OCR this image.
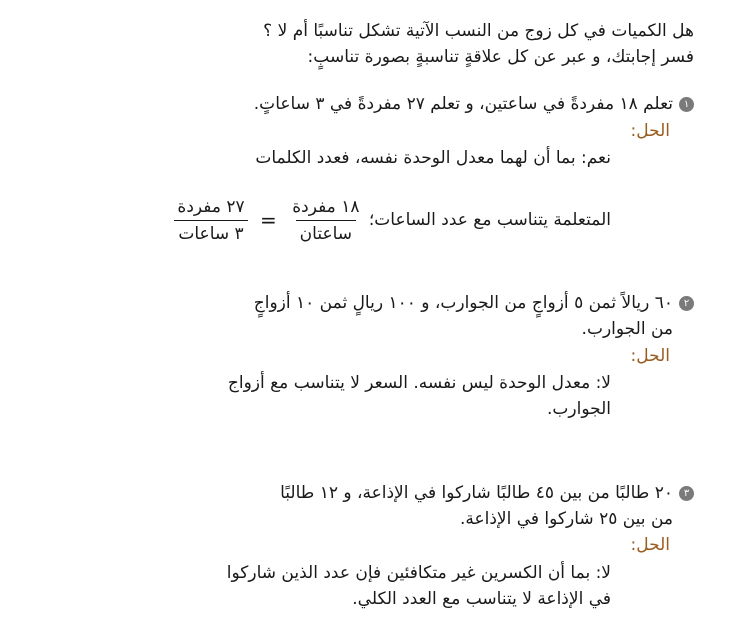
هل الكميات في كل زوج من النسب الآتية تشكل تناسبًا أم لا ؟
فسر إجابتك، و عبر عن كل علاقةٍ تناسبةٍ بصورة تناسبٍ:
١تعلم ١٨ مفردةً في ساعتين، و تعلم ٢٧ مفردةً في ٣ ساعاتٍ.
الحل:
نعم: بما أن لهما معدل الوحدة نفسه، فعدد الكلمات
المتعلمة يتناسب مع عدد الساعات؛
$\frac{\text{١٨ مفردة}}{\text{ساعتان}}$
=
$\frac{\text{٢٧ مفردة}}{\text{٣ ساعات}}$
٢٦٠ ريالاً ثمن ٥ أزواجٍ من الجوارب، و ١٠٠ ريالٍ ثمن ١٠ أزواجٍ
من الجوارب.
الحل:
لا: معدل الوحدة ليس نفسه. السعر لا يتناسب مع أزواج
الجوارب.
٣٢٠ طالبًا من بين ٤٥ طالبًا شاركوا في الإذاعة، و ١٢ طالبًا
من بين ٢٥ شاركوا في الإذاعة.
الحل:
لا: بما أن الكسرين غير متكافئين فإن عدد الذين شاركوا
في الإذاعة لا يتناسب مع العدد الكلي.
